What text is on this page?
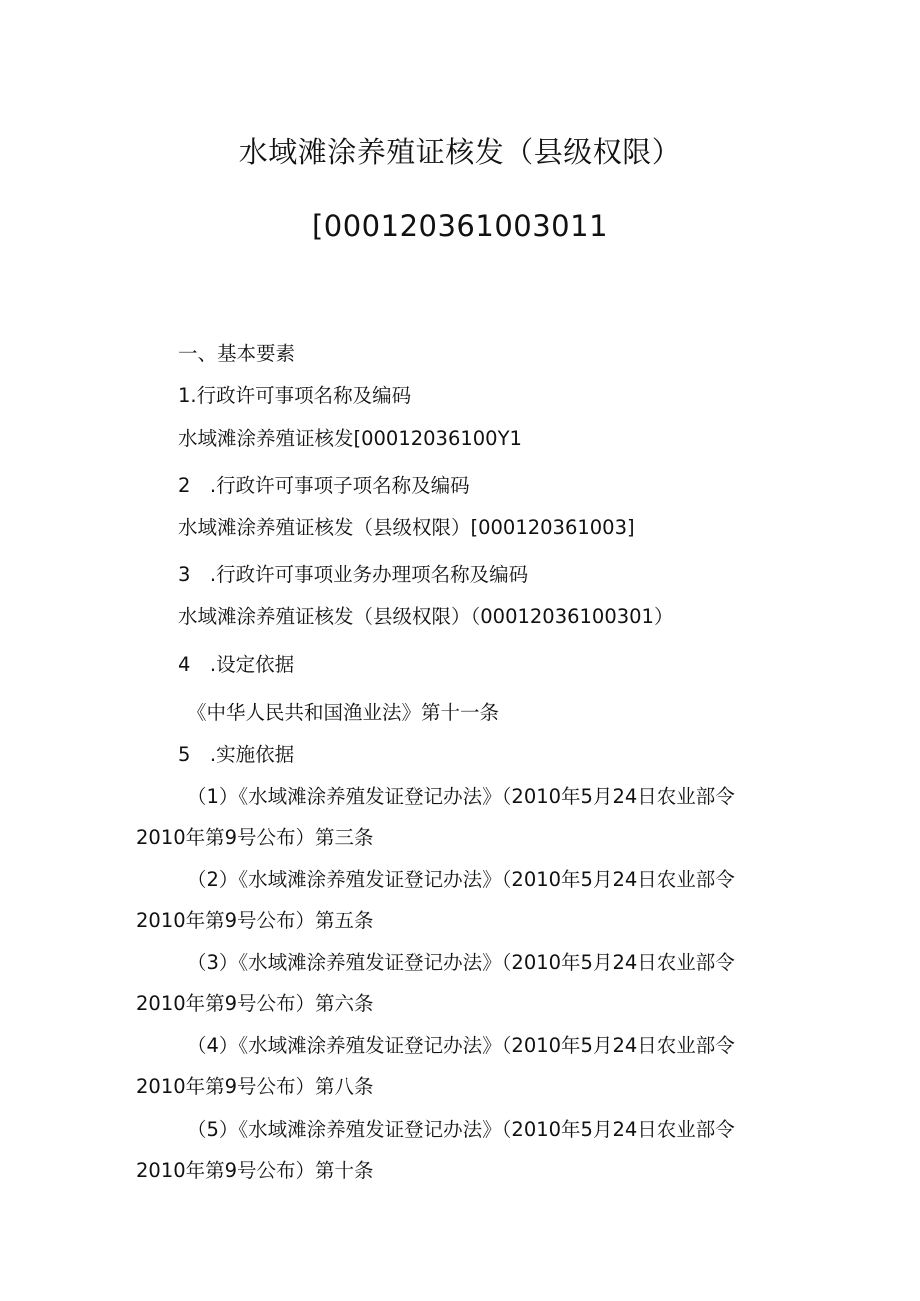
水域滩涂养殖证核发（县级权限）
[000120361003011
一、基本要素
1.行政许可事项名称及编码
水域滩涂养殖证核发[00012036100Y1
2　.行政许可事项子项名称及编码
水域滩涂养殖证核发（县级权限）[000120361003]
3　.行政许可事项业务办理项名称及编码
水域滩涂养殖证核发（县级权限）（00012036100301）
4　.设定依据
《中华人民共和国渔业法》第十一条
5　.实施依据
（1）《水域滩涂养殖发证登记办法》（2010年5月24日农业部令
2010年第9号公布）第三条
（2）《水域滩涂养殖发证登记办法》（2010年5月24日农业部令
2010年第9号公布）第五条
（3）《水域滩涂养殖发证登记办法》（2010年5月24日农业部令
2010年第9号公布）第六条
（4）《水域滩涂养殖发证登记办法》（2010年5月24日农业部令
2010年第9号公布）第八条
（5）《水域滩涂养殖发证登记办法》（2010年5月24日农业部令
2010年第9号公布）第十条
